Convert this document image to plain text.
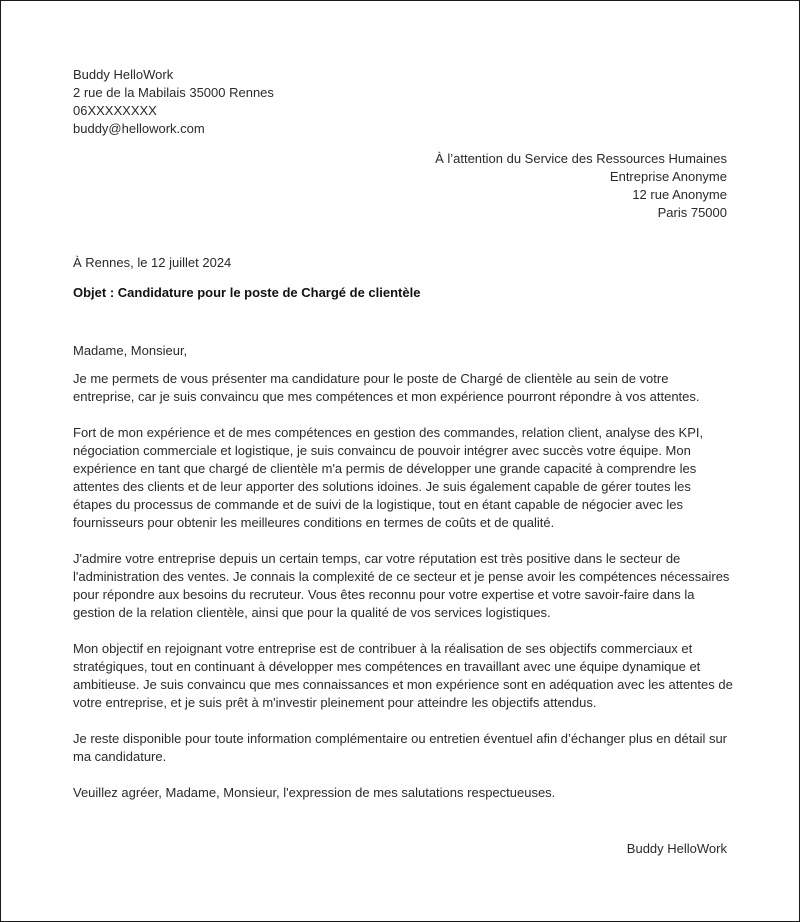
Buddy HelloWork
2 rue de la Mabilais 35000 Rennes
06XXXXXXXX
buddy@hellowork.com
À l’attention du Service des Ressources Humaines
Entreprise Anonyme
12 rue Anonyme
Paris 75000
À Rennes, le 12 juillet 2024
Objet : Candidature pour le poste de Chargé de clientèle

Madame, Monsieur,

Je me permets de vous présenter ma candidature pour le poste de Chargé de clientèle au sein de votre entreprise, car je suis convaincu que mes compétences et mon expérience pourront répondre à vos attentes.

Fort de mon expérience et de mes compétences en gestion des commandes, relation client, analyse des KPI, négociation commerciale et logistique, je suis convaincu de pouvoir intégrer avec succès votre équipe. Mon expérience en tant que chargé de clientèle m'a permis de développer une grande capacité à comprendre les attentes des clients et de leur apporter des solutions idoines. Je suis également capable de gérer toutes les étapes du processus de commande et de suivi de la logistique, tout en étant capable de négocier avec les fournisseurs pour obtenir les meilleures conditions en termes de coûts et de qualité.

J'admire votre entreprise depuis un certain temps, car votre réputation est très positive dans le secteur de l'administration des ventes. Je connais la complexité de ce secteur et je pense avoir les compétences nécessaires pour répondre aux besoins du recruteur. Vous êtes reconnu pour votre expertise et votre savoir-faire dans la gestion de la relation clientèle, ainsi que pour la qualité de vos services logistiques.

Mon objectif en rejoignant votre entreprise est de contribuer à la réalisation de ses objectifs commerciaux et stratégiques, tout en continuant à développer mes compétences en travaillant avec une équipe dynamique et ambitieuse. Je suis convaincu que mes connaissances et mon expérience sont en adéquation avec les attentes de votre entreprise, et je suis prêt à m'investir pleinement pour atteindre les objectifs attendus.

Je reste disponible pour toute information complémentaire ou entretien éventuel afin d’échanger plus en détail sur ma candidature.

Veuillez agréer, Madame, Monsieur, l'expression de mes salutations respectueuses.

Buddy HelloWork
